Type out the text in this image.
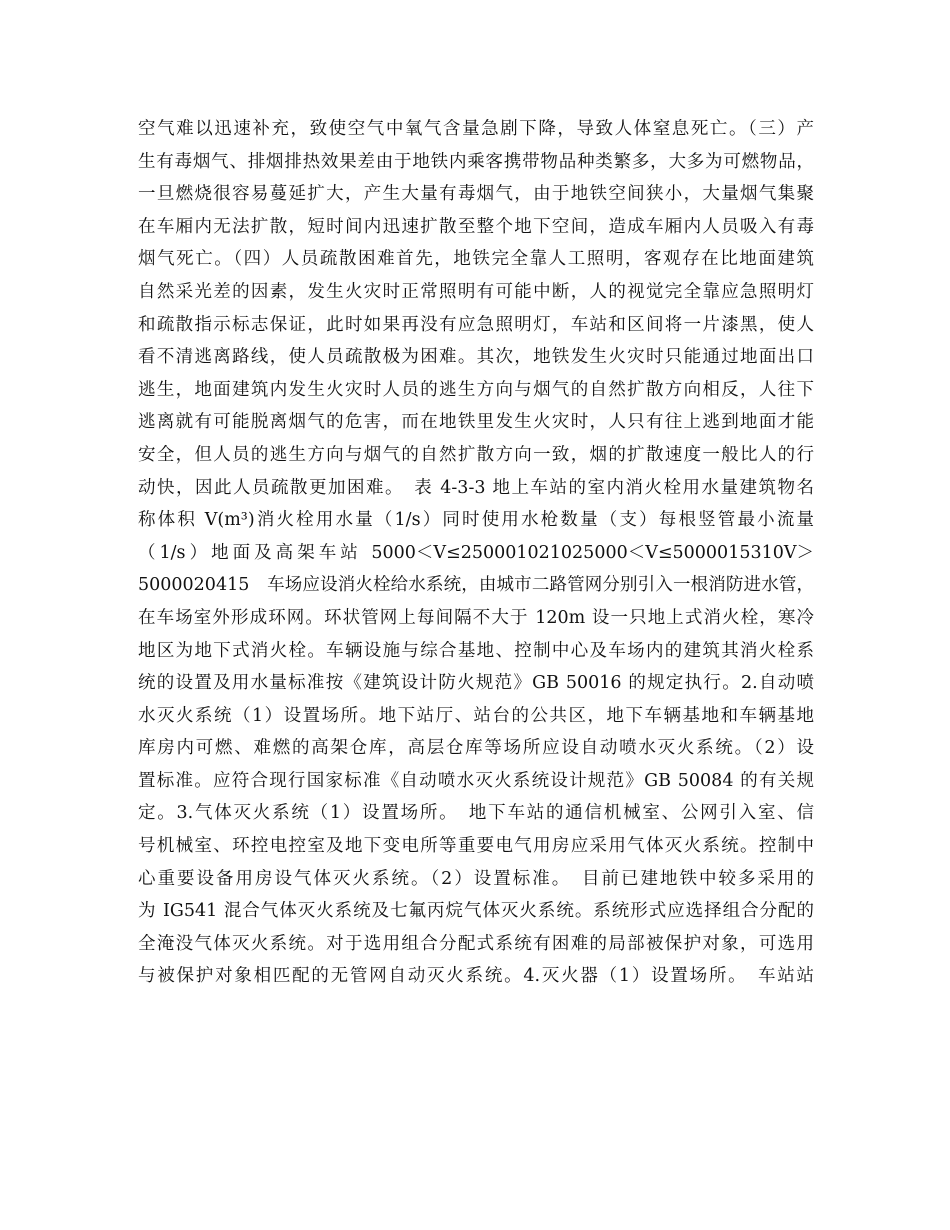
空气难以迅速补充，致使空气中氧气含量急剧下降，导致人体窒息死亡。（三）产
生有毒烟气、排烟排热效果差由于地铁内乘客携带物品种类繁多，大多为可燃物品，
一旦燃烧很容易蔓延扩大，产生大量有毒烟气，由于地铁空间狭小，大量烟气集聚
在车厢内无法扩散，短时间内迅速扩散至整个地下空间，造成车厢内人员吸入有毒
烟气死亡。（四）人员疏散困难首先，地铁完全靠人工照明，客观存在比地面建筑
自然采光差的因素，发生火灾时正常照明有可能中断，人的视觉完全靠应急照明灯
和疏散指示标志保证，此时如果再没有应急照明灯，车站和区间将一片漆黑，使人
看不清逃离路线，使人员疏散极为困难。其次，地铁发生火灾时只能通过地面出口
逃生，地面建筑内发生火灾时人员的逃生方向与烟气的自然扩散方向相反，人往下
逃离就有可能脱离烟气的危害，而在地铁里发生火灾时，人只有往上逃到地面才能
安全，但人员的逃生方向与烟气的自然扩散方向一致，烟的扩散速度一般比人的行
动快，因此人员疏散更加困难。　表 4-3-3 地上车站的室内消火栓用水量建筑物名
称体积 V(m³)消火栓用水量（1/s）同时使用水枪数量（支）每根竖管最小流量
（1/s）地面及高架车站 5000＜V≤250001021025000＜V≤5000015310V＞
5000020415　车场应设消火栓给水系统，由城市二路管网分别引入一根消防进水管，
在车场室外形成环网。环状管网上每间隔不大于 120m 设一只地上式消火栓，寒冷
地区为地下式消火栓。车辆设施与综合基地、控制中心及车场内的建筑其消火栓系
统的设置及用水量标准按《建筑设计防火规范》GB 50016 的规定执行。2.自动喷
水灭火系统（1）设置场所。地下站厅、站台的公共区，地下车辆基地和车辆基地
库房内可燃、难燃的高架仓库，高层仓库等场所应设自动喷水灭火系统。（2）设
置标准。应符合现行国家标准《自动喷水灭火系统设计规范》GB 50084 的有关规
定。3.气体灭火系统（1）设置场所。　地下车站的通信机械室、公网引入室、信
号机械室、环控电控室及地下变电所等重要电气用房应采用气体灭火系统。控制中
心重要设备用房设气体灭火系统。（2）设置标准。　目前已建地铁中较多采用的
为 IG541 混合气体灭火系统及七氟丙烷气体灭火系统。系统形式应选择组合分配的
全淹没气体灭火系统。对于选用组合分配式系统有困难的局部被保护对象，可选用
与被保护对象相匹配的无管网自动灭火系统。4.灭火器（1）设置场所。　车站站
